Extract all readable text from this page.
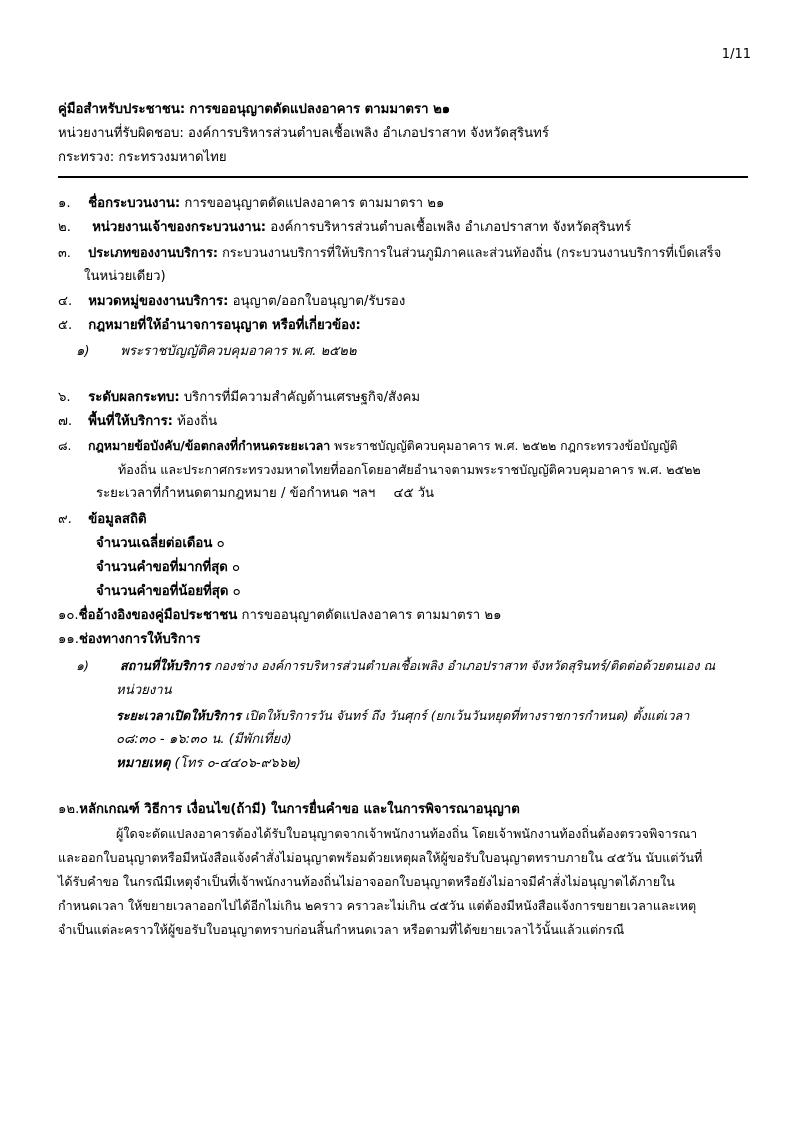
1/11
คู่มือสำหรับประชาชน: การขออนุญาตดัดแปลงอาคาร ตามมาตรา ๒๑
หน่วยงานที่รับผิดชอบ: องค์การบริหารส่วนตำบลเชื้อเพลิง อำเภอปราสาท จังหวัดสุรินทร์
กระทรวง: กระทรวงมหาดไทย
๑. ชื่อกระบวนงาน: การขออนุญาตดัดแปลงอาคาร ตามมาตรา ๒๑
๒. หน่วยงานเจ้าของกระบวนงาน: องค์การบริหารส่วนตำบลเชื้อเพลิง อำเภอปราสาท จังหวัดสุรินทร์
๓. ประเภทของงานบริการ: กระบวนงานบริการที่ให้บริการในส่วนภูมิภาคและส่วนท้องถิ่น (กระบวนงานบริการที่เบ็ดเสร็จ
ในหน่วยเดียว)
๔. หมวดหมู่ของงานบริการ: อนุญาต/ออกใบอนุญาต/รับรอง
๕. กฎหมายที่ให้อำนาจการอนุญาต หรือที่เกี่ยวข้อง:
๑) พระราชบัญญัติควบคุมอาคาร พ.ศ. ๒๕๒๒
๖. ระดับผลกระทบ: บริการที่มีความสำคัญด้านเศรษฐกิจ/สังคม
๗. พื้นที่ให้บริการ: ท้องถิ่น
๘. กฎหมายข้อบังคับ/ข้อตกลงที่กำหนดระยะเวลา พระราชบัญญัติควบคุมอาคาร พ.ศ. ๒๕๒๒ กฎกระทรวงข้อบัญญัติ
ท้องถิ่น และประกาศกระทรวงมหาดไทยที่ออกโดยอาศัยอำนาจตามพระราชบัญญัติควบคุมอาคาร พ.ศ. ๒๕๒๒
ระยะเวลาที่กำหนดตามกฎหมาย / ข้อกำหนด ฯลฯ ๔๕ วัน
๙. ข้อมูลสถิติ
จำนวนเฉลี่ยต่อเดือน ๐
จำนวนคำขอที่มากที่สุด ๐
จำนวนคำขอที่น้อยที่สุด ๐
๑๐.ชื่ออ้างอิงของคู่มือประชาชน การขออนุญาตดัดแปลงอาคาร ตามมาตรา ๒๑
๑๑.ช่องทางการให้บริการ
๑) สถานที่ให้บริการ กองช่าง องค์การบริหารส่วนตำบลเชื้อเพลิง อำเภอปราสาท จังหวัดสุรินทร์/ติดต่อด้วยตนเอง ณ
หน่วยงาน
ระยะเวลาเปิดให้บริการ เปิดให้บริการวัน จันทร์ ถึง วันศุกร์ (ยกเว้นวันหยุดที่ทางราชการกำหนด) ตั้งแต่เวลา
๐๘:๓๐ - ๑๖:๓๐ น. (มีพักเที่ยง)
หมายเหตุ (โทร ๐-๔๔๐๖-๙๖๖๒)
๑๒.หลักเกณฑ์ วิธีการ เงื่อนไข(ถ้ามี) ในการยื่นคำขอ และในการพิจารณาอนุญาต
ผู้ใดจะดัดแปลงอาคารต้องได้รับใบอนุญาตจากเจ้าพนักงานท้องถิ่น โดยเจ้าพนักงานท้องถิ่นต้องตรวจพิจารณา
และออกใบอนุญาตหรือมีหนังสือแจ้งคำสั่งไม่อนุญาตพร้อมด้วยเหตุผลให้ผู้ขอรับใบอนุญาตทราบภายใน ๔๕วัน นับแต่วันที่
ได้รับคำขอ ในกรณีมีเหตุจำเป็นที่เจ้าพนักงานท้องถิ่นไม่อาจออกใบอนุญาตหรือยังไม่อาจมีคำสั่งไม่อนุญาตได้ภายใน
กำหนดเวลา ให้ขยายเวลาออกไปได้อีกไม่เกิน ๒คราว คราวละไม่เกิน ๔๕วัน แต่ต้องมีหนังสือแจ้งการขยายเวลาและเหตุ
จำเป็นแต่ละคราวให้ผู้ขอรับใบอนุญาตทราบก่อนสิ้นกำหนดเวลา หรือตามที่ได้ขยายเวลาไว้นั้นแล้วแต่กรณี
